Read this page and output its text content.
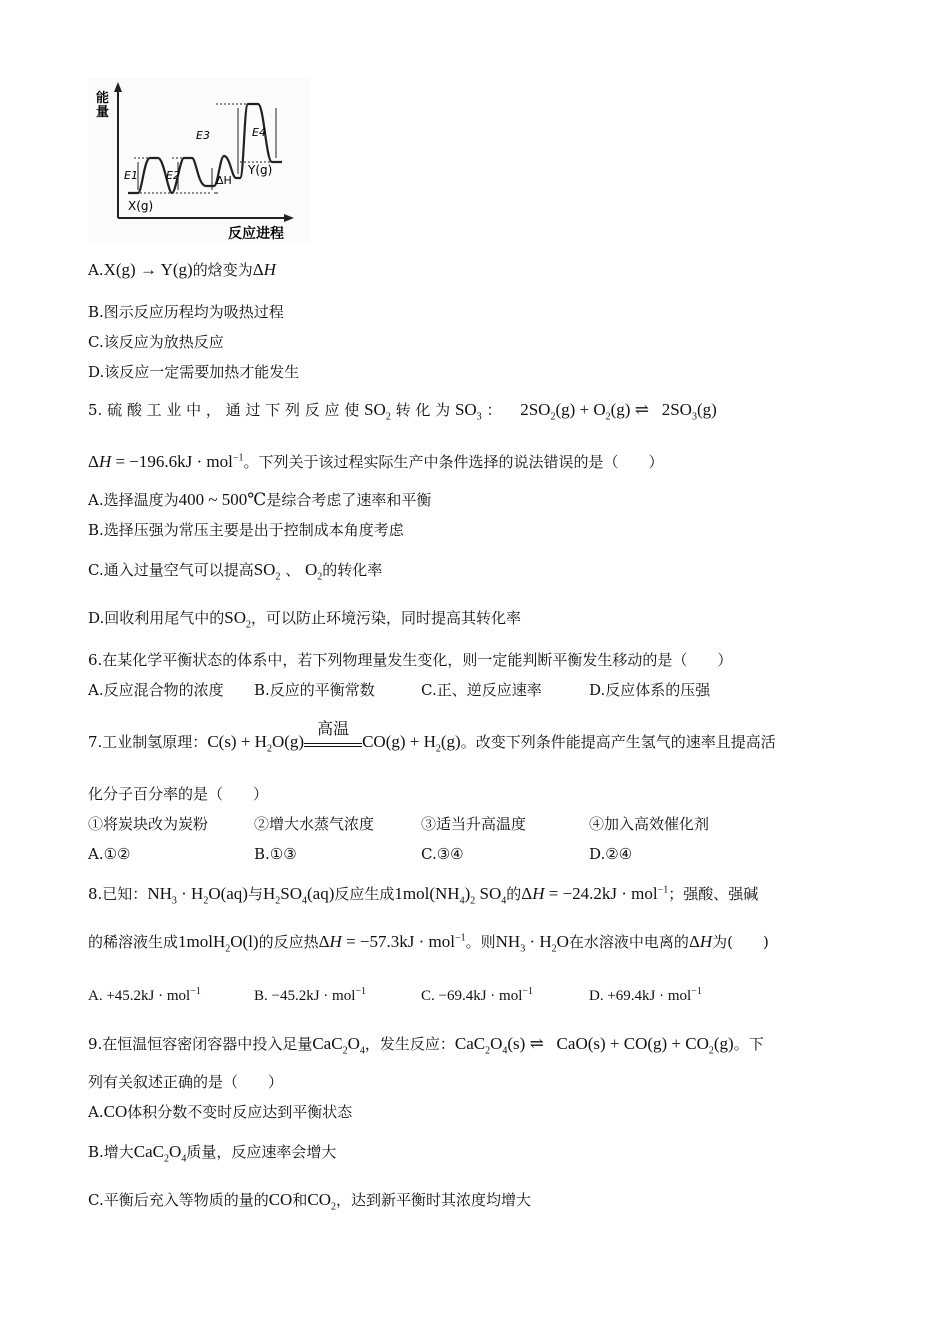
能
量
反应进程
E1	E2
E3	E4
ΔH
X(g)
Y(g)
A.X(g) → Y(g)的焓变为ΔH
B.图示反应历程均为吸热过程
C.该反应为放热反应
D.该反应一定需要加热才能发生
5. 硫 酸 工 业 中 ， 通 过 下 列 反 应 使 $SO_2$ 转 化 为 $SO_3$ ： $2SO_2(g) + O_2(g)$ ⇌   $2SO_3(g)$
ΔH = −196.6kJ · mol$^{-1}$。下列关于该过程实际生产中条件选择的说法错误的是（　　）
A.选择温度为400 ~ 500℃是综合考虑了速率和平衡
B.选择压强为常压主要是出于控制成本角度考虑
C.通入过量空气可以提高$SO_2$ 、 $O_2$的转化率
D.回收利用尾气中的$SO_2$，可以防止环境污染，同时提高其转化率
6.在某化学平衡状态的体系中，若下列物理量发生变化，则一定能判断平衡发生移动的是（　　）
A.反应混合物的浓度 B.反应的平衡常数	C.正、逆反应速率	D.反应体系的压强
7.工业制氢原理：$C(s) + H_2O(g)$
高温
$CO(g) + H_2(g)$。改变下列条件能提高产生氢气的速率且提高活
化分子百分率的是（　　）
①将炭块改为炭粉	②增大水蒸气浓度	③适当升高温度	④加入高效催化剂
A.①②	B.①③	C.③④	D.②④
8.已知：$NH_3 \cdot H_2O(aq)$与$H_2SO_4(aq)$反应生成$1mol(NH_4)_2$ $SO_4$的ΔH = −24.2kJ · mol$^{-1}$；强酸、强碱
的稀溶液生成1molH$_2$O(l)的反应热ΔH = −57.3kJ · mol$^{-1}$。则$NH_3 \cdot H_2O$在水溶液中电离的ΔH为(　　)
A. +45.2kJ · mol$^{-1}$	B. −45.2kJ · mol$^{-1}$	C. −69.4kJ · mol$^{-1}$	D. +69.4kJ · mol$^{-1}$
9.在恒温恒容密闭容器中投入足量$CaC_2O_4$，发生反应：$CaC_2O_4(s)$ ⇌   $CaO(s) + CO(g) + CO_2(g)$。下
列有关叙述正确的是（　　）
A.CO体积分数不变时反应达到平衡状态
B.增大$CaC_2O_4$质量，反应速率会增大
C.平衡后充入等物质的量的CO和$CO_2$，达到新平衡时其浓度均增大
